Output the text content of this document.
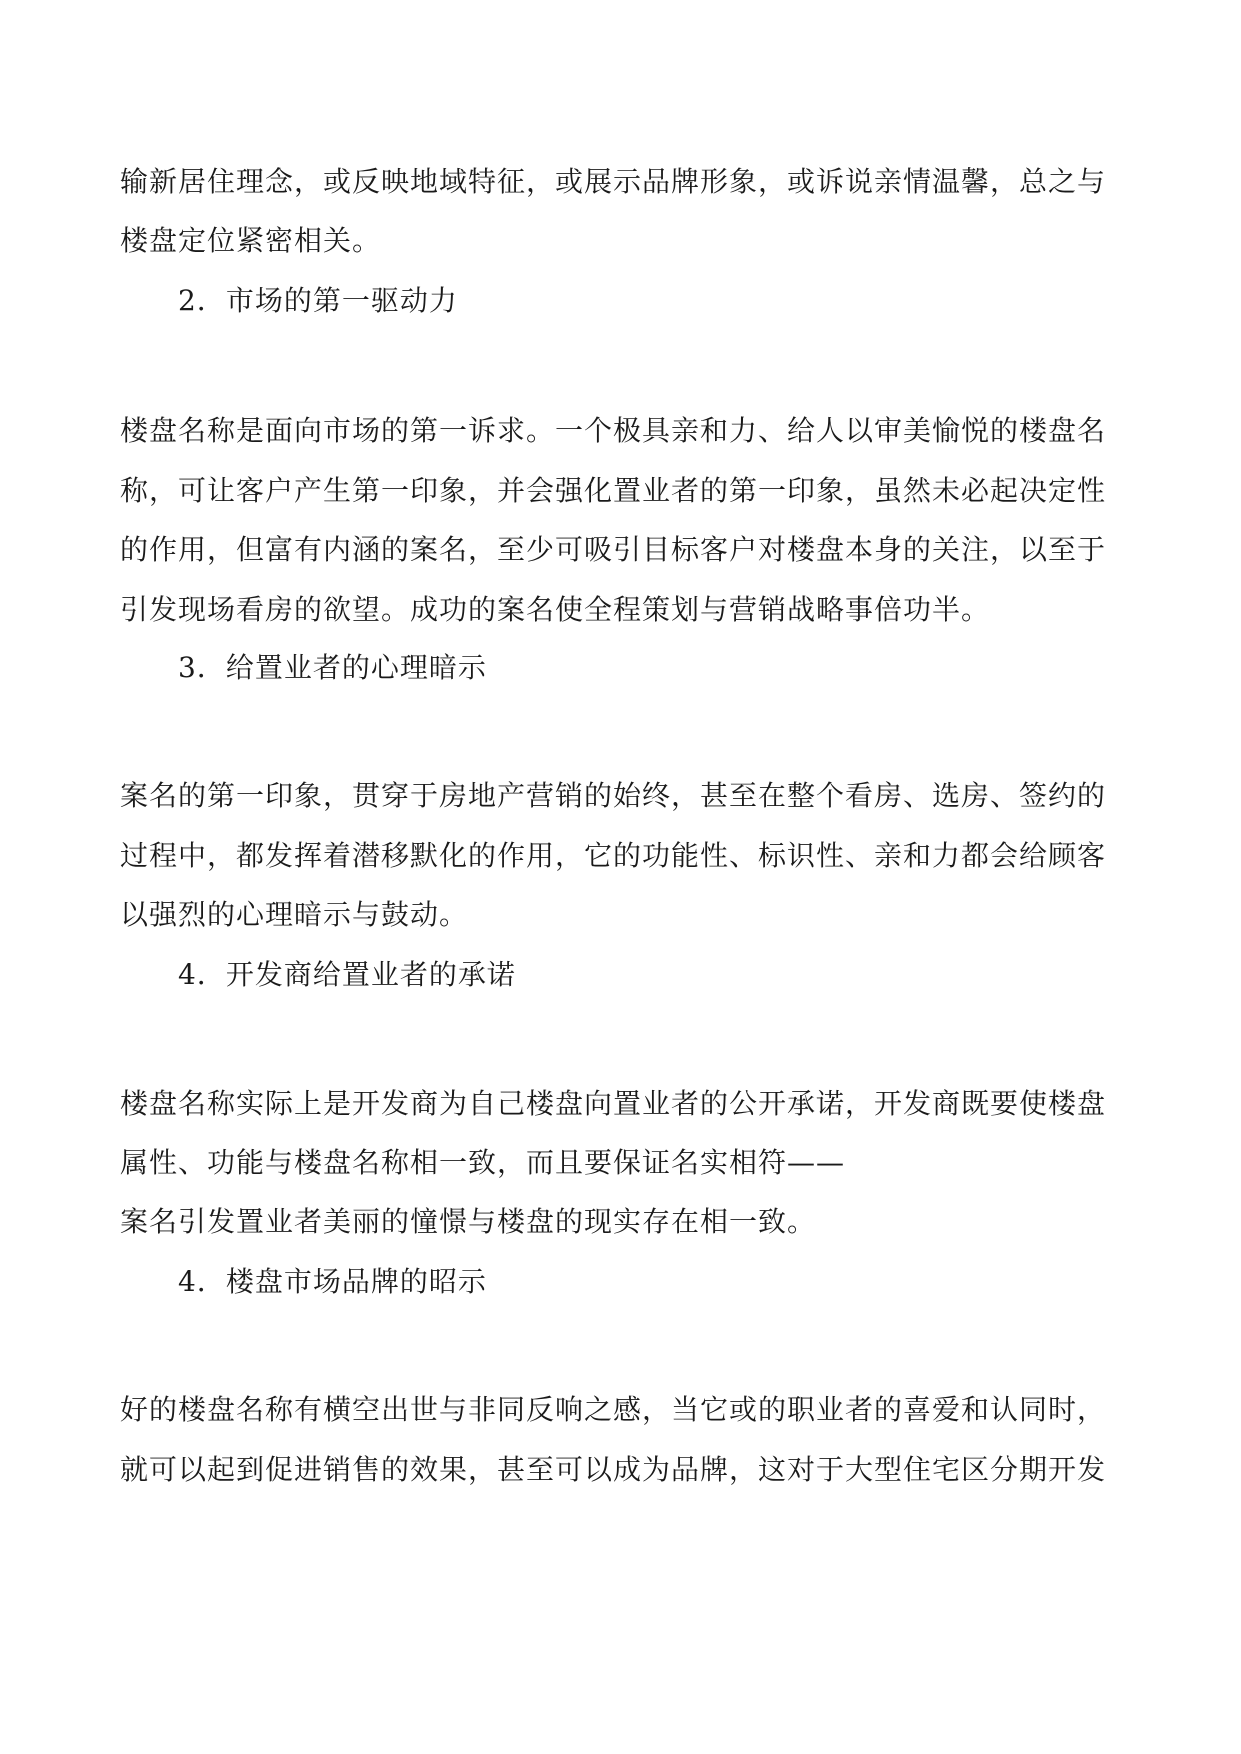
输新居住理念，或反映地域特征，或展示品牌形象，或诉说亲情温馨，总之与
楼盘定位紧密相关。
2．市场的第一驱动力
楼盘名称是面向市场的第一诉求。一个极具亲和力、给人以审美愉悦的楼盘名
称，可让客户产生第一印象，并会强化置业者的第一印象，虽然未必起决定性
的作用，但富有内涵的案名，至少可吸引目标客户对楼盘本身的关注，以至于
引发现场看房的欲望。成功的案名使全程策划与营销战略事倍功半。
3．给置业者的心理暗示
案名的第一印象，贯穿于房地产营销的始终，甚至在整个看房、选房、签约的
过程中，都发挥着潜移默化的作用，它的功能性、标识性、亲和力都会给顾客
以强烈的心理暗示与鼓动。
4．开发商给置业者的承诺
楼盘名称实际上是开发商为自己楼盘向置业者的公开承诺，开发商既要使楼盘
属性、功能与楼盘名称相一致，而且要保证名实相符——
案名引发置业者美丽的憧憬与楼盘的现实存在相一致。
4．楼盘市场品牌的昭示
好的楼盘名称有横空出世与非同反响之感，当它或的职业者的喜爱和认同时，
就可以起到促进销售的效果，甚至可以成为品牌，这对于大型住宅区分期开发
